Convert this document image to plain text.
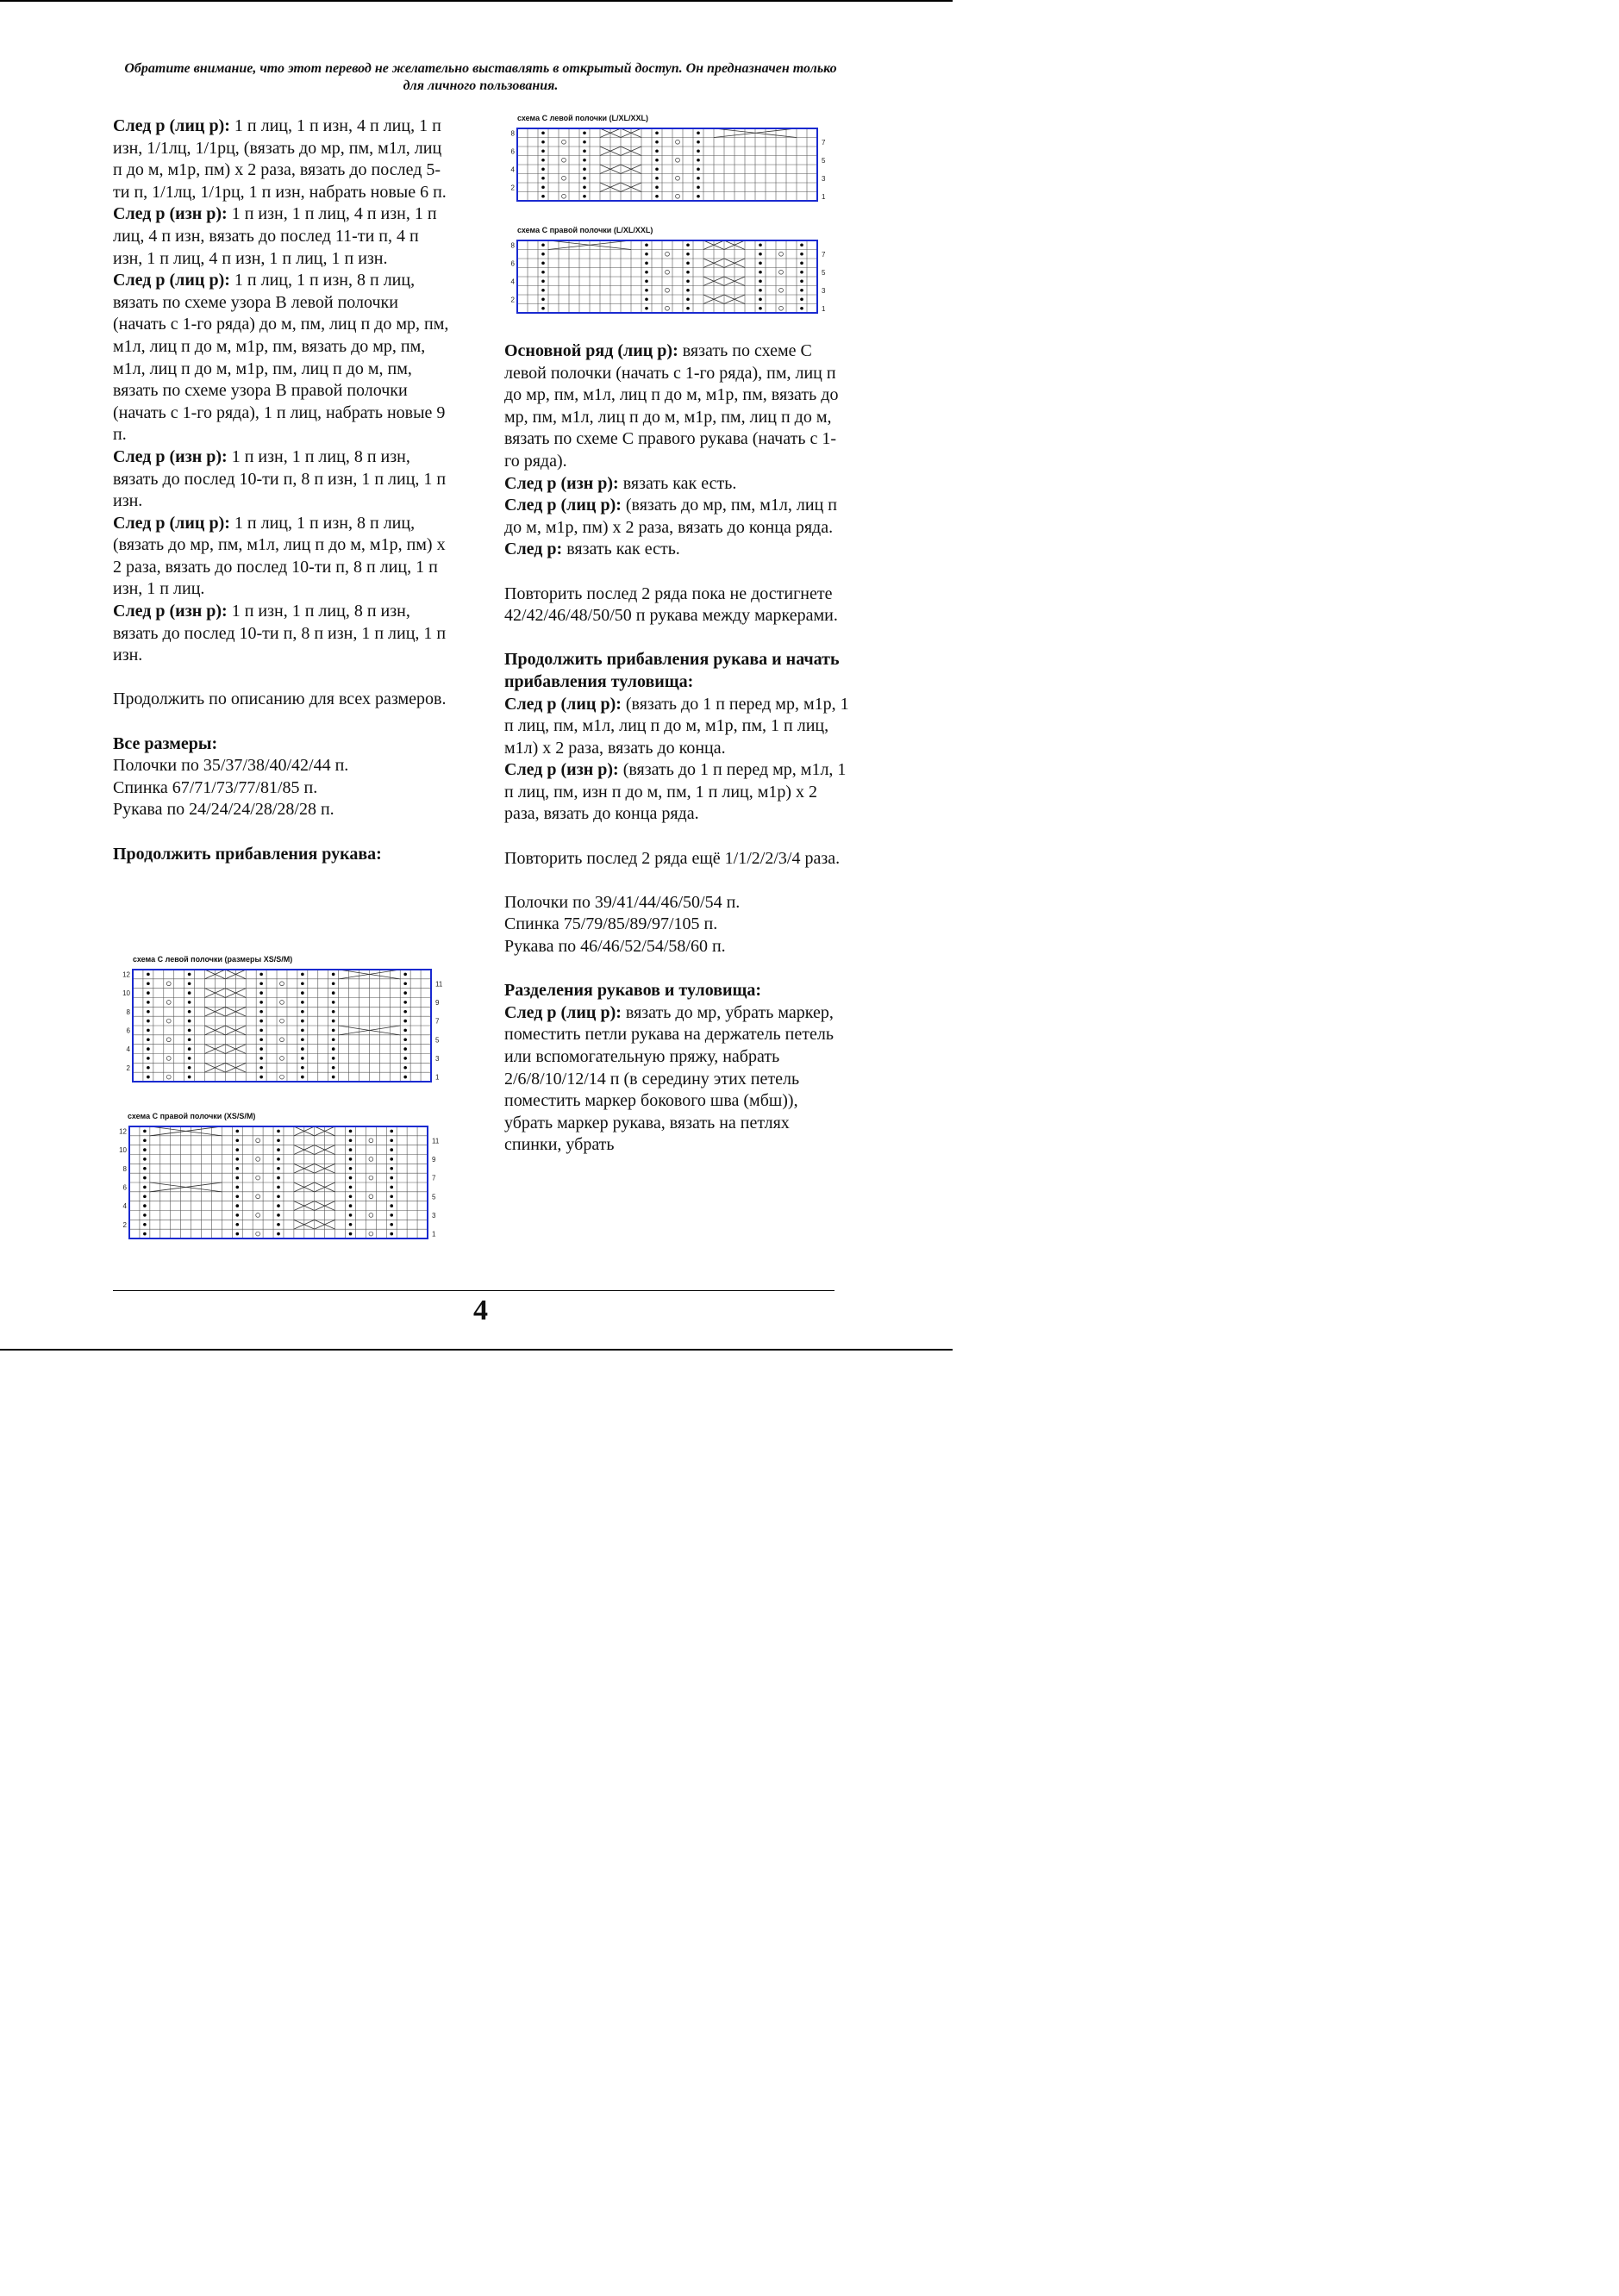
Обратите внимание, что этот перевод не желательно выставлять в открытый доступ. Он предназначен только для личного пользования.

След р (лиц р): 1 п лиц, 1 п изн, 4 п лиц, 1 п изн, 1/1лц, 1/1рц, (вязать до мр, пм, м1л, лиц п до м, м1р, пм) х 2 раза, вязать до послед 5-ти п, 1/1лц, 1/1рц, 1 п изн, набрать новые 6 п.

След р (изн р): 1 п изн, 1 п лиц, 4 п изн, 1 п лиц, 4 п изн, вязать до послед 11-ти п, 4 п изн, 1 п лиц, 4 п изн, 1 п лиц, 1 п изн.

След р (лиц р): 1 п лиц, 1 п изн, 8 п лиц, вязать по схеме узора В левой полочки (начать с 1-го ряда) до м, пм, лиц п до мр, пм, м1л, лиц п до м, м1р, пм, вязать до мр, пм, м1л, лиц п до м, м1р, пм, лиц п до м, пм, вязать по схеме узора В правой полочки (начать с 1-го ряда), 1 п лиц, набрать новые 9 п.

След р (изн р): 1 п изн, 1 п лиц, 8 п изн, вязать до послед 10-ти п, 8 п изн, 1 п лиц, 1 п изн.

След р (лиц р): 1 п лиц, 1 п изн, 8 п лиц, (вязать до мр, пм, м1л, лиц п до м, м1р, пм) х 2 раза, вязать до послед 10-ти п, 8 п лиц, 1 п изн, 1 п лиц.

След р (изн р): 1 п изн, 1 п лиц, 8 п изн, вязать до послед 10-ти п, 8 п изн, 1 п лиц, 1 п изн.

Продолжить по описанию для всех размеров.

Все размеры:

Полочки по 35/37/38/40/42/44 п.

Спинка 67/71/73/77/81/85 п.

Рукава по 24/24/24/28/28/28 п.

Продолжить прибавления рукава:

Основной ряд (лиц р): вязать по схеме С левой полочки (начать с 1-го ряда), пм, лиц п до мр, пм, м1л, лиц п до м, м1р, пм, вязать до мр, пм, м1л, лиц п до м, м1р, пм, лиц п до м, вязать по схеме С правого рукава (начать с 1-го ряда).

След р (изн р): вязать как есть.

След р (лиц р): (вязать до мр, пм, м1л, лиц п до м, м1р, пм) х 2 раза, вязать до конца ряда.

След р: вязать как есть.

Повторить послед 2 ряда пока не достигнете 42/42/46/48/50/50 п рукава между маркерами.

Продолжить прибавления рукава и начать прибавления туловища:

След р (лиц р): (вязать до 1 п перед мр, м1р, 1 п лиц, пм, м1л, лиц п до м, м1р, пм, 1 п лиц, м1л) х 2 раза, вязать до конца.

След р (изн р): (вязать до 1 п перед мр, м1л, 1 п лиц, пм, изн п до м, пм, 1 п лиц, м1р) х 2 раза, вязать до конца ряда.

Повторить послед 2 ряда ещё 1/1/2/2/3/4 раза.

Полочки по 39/41/44/46/50/54 п.

Спинка 75/79/85/89/97/105 п.

Рукава по 46/46/52/54/58/60 п.

Разделения рукавов и туловища:

След р (лиц р): вязать до мр, убрать маркер, поместить петли рукава на держатель петель или вспомогательную пряжу, набрать 2/6/8/10/12/14 п (в середину этих петель поместить маркер бокового шва (мбш)), убрать маркер рукава, вязать на петлях спинки, убрать

схема С левой полочки (L/XL/XXL)
8
6
4
2
7
5
3
1
схема С правой полочки (L/XL/XXL)
8
6
4
2
7
5
3
1
схема С левой полочки (размеры XS/S/M)
12
10
8
6
4
2
11
9
7
5
3
1
схема С правой полочки (XS/S/M)
12
10
8
6
4
2
11
9
7
5
3
1
4
